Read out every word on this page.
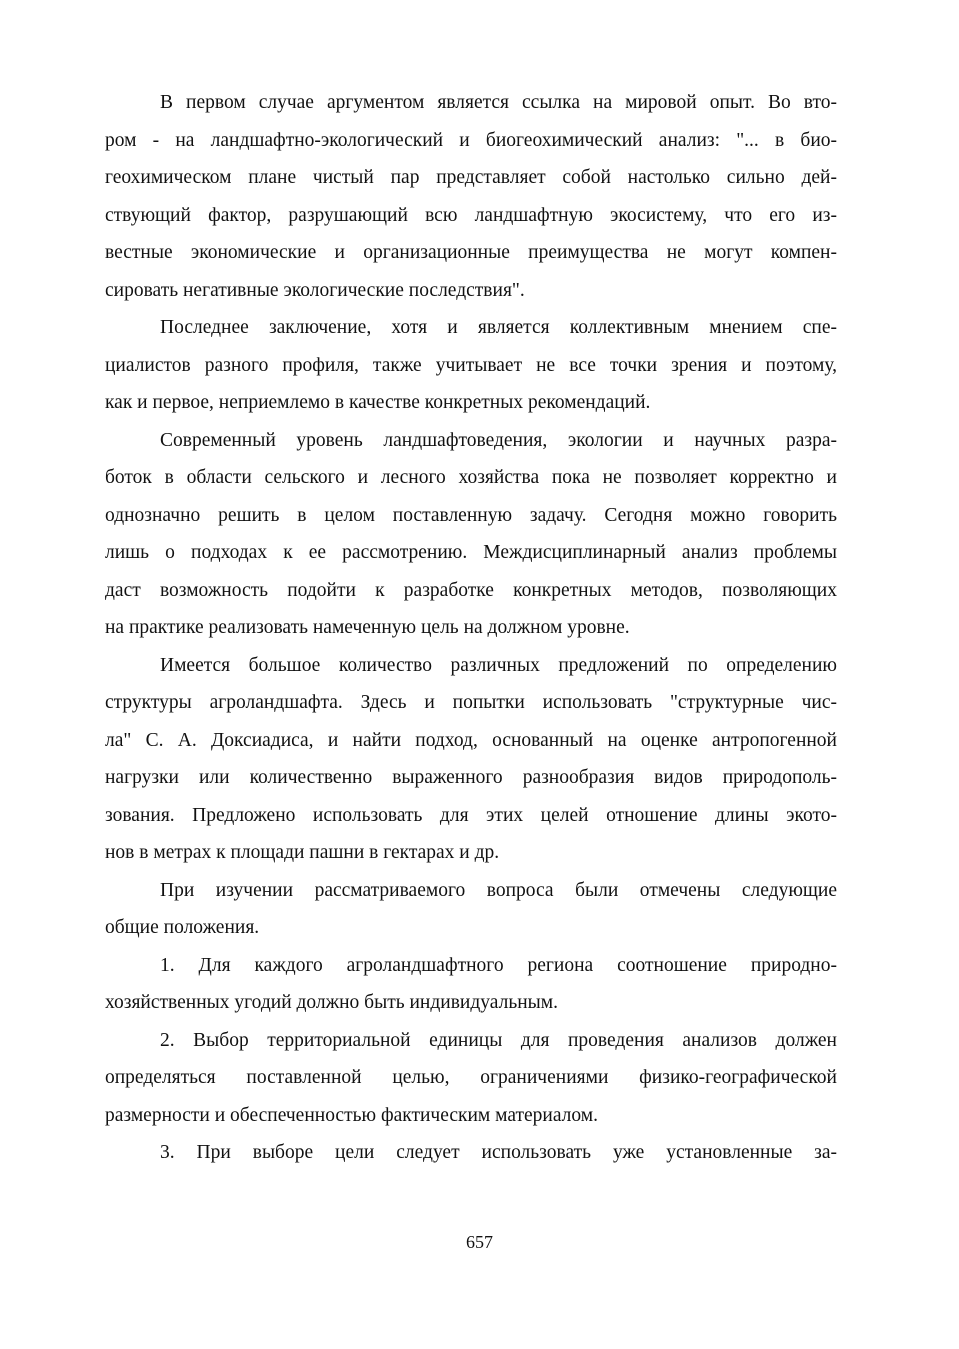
В первом случае аргументом является ссылка на мировой опыт. Во вто-
ром - на ландшафтно-экологический и биогеохимический анализ: "... в био-
геохимическом плане чистый пар представляет собой настолько сильно дей-
ствующий фактор, разрушающий всю ландшафтную экосистему, что его из-
вестные экономические и организационные преимущества не могут компен-
сировать негативные экологические последствия".
Последнее заключение, хотя и является коллективным мнением спе-
циалистов разного профиля, также учитывает не все точки зрения и поэтому,
как и первое, неприемлемо в качестве конкретных рекомендаций.
Современный уровень ландшафтоведения, экологии и научных разра-
боток в области сельского и лесного хозяйства пока не позволяет корректно и
однозначно решить в целом поставленную задачу. Сегодня можно говорить
лишь о подходах к ее рассмотрению. Междисциплинарный анализ проблемы
даст возможность подойти к разработке конкретных методов, позволяющих
на практике реализовать намеченную цель на должном уровне.
Имеется большое количество различных предложений по определению
структуры агроландшафта. Здесь и попытки использовать "структурные чис-
ла" С. А. Доксиадиса, и найти подход, основанный на оценке антропогенной
нагрузки или количественно выраженного разнообразия видов природополь-
зования. Предложено использовать для этих целей отношение длины экото-
нов в метрах к площади пашни в гектарах и др.
При изучении рассматриваемого вопроса были отмечены следующие
общие положения.
1. Для каждого агроландшафтного региона соотношение природно-
хозяйственных угодий должно быть индивидуальным.
2. Выбор территориальной единицы для проведения анализов должен
определяться поставленной целью, ограничениями физико-географической
размерности и обеспеченностью фактическим материалом.
3. При выборе цели следует использовать уже установленные за-
657
